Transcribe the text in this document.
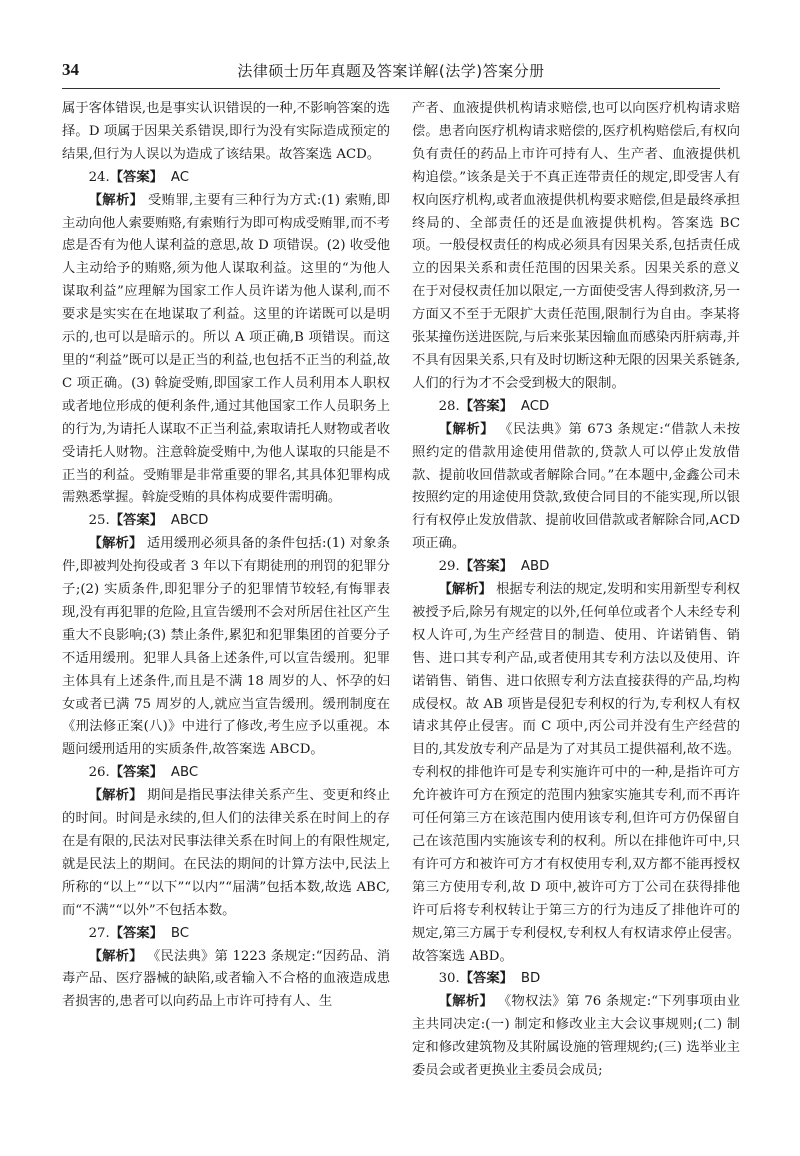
34	法律硕士历年真题及答案详解(法学)答案分册

属于客体错误,也是事实认识错误的一种,不影响答案的选择。D 项属于因果关系错误,即行为没有实际造成预定的结果,但行为人误以为造成了该结果。故答案选 ACD。

24.【答案】 AC

【解析】 受贿罪,主要有三种行为方式:(1) 索贿,即主动向他人索要贿赂,有索贿行为即可构成受贿罪,而不考虑是否有为他人谋利益的意思,故 D 项错误。(2) 收受他人主动给予的贿赂,须为他人谋取利益。这里的“为他人谋取利益”应理解为国家工作人员许诺为他人谋利,而不要求是实实在在地谋取了利益。这里的许诺既可以是明示的,也可以是暗示的。所以 A 项正确,B 项错误。而这里的“利益”既可以是正当的利益,也包括不正当的利益,故 C 项正确。(3) 斡旋受贿,即国家工作人员利用本人职权或者地位形成的便利条件,通过其他国家工作人员职务上的行为,为请托人谋取不正当利益,索取请托人财物或者收受请托人财物。注意斡旋受贿中,为他人谋取的只能是不正当的利益。受贿罪是非常重要的罪名,其具体犯罪构成需熟悉掌握。斡旋受贿的具体构成要件需明确。

25.【答案】 ABCD

【解析】 适用缓刑必须具备的条件包括:(1) 对象条件,即被判处拘役或者 3 年以下有期徒刑的刑罚的犯罪分子;(2) 实质条件,即犯罪分子的犯罪情节较轻,有悔罪表现,没有再犯罪的危险,且宣告缓刑不会对所居住社区产生重大不良影响;(3) 禁止条件,累犯和犯罪集团的首要分子不适用缓刑。犯罪人具备上述条件,可以宣告缓刑。犯罪主体具有上述条件,而且是不满 18 周岁的人、怀孕的妇女或者已满 75 周岁的人,就应当宣告缓刑。缓刑制度在《刑法修正案(八)》中进行了修改,考生应予以重视。本题问缓刑适用的实质条件,故答案选 ABCD。

26.【答案】 ABC

【解析】 期间是指民事法律关系产生、变更和终止的时间。时间是永续的,但人们的法律关系在时间上的存在是有限的,民法对民事法律关系在时间上的有限性规定,就是民法上的期间。在民法的期间的计算方法中,民法上所称的“以上”“以下”“以内”“届满”包括本数,故选 ABC,而“不满”“以外”不包括本数。

27.【答案】 BC

【解析】 《民法典》第 1223 条规定:“因药品、消毒产品、医疗器械的缺陷,或者输入不合格的血液造成患者损害的,患者可以向药品上市许可持有人、生

产者、血液提供机构请求赔偿,也可以向医疗机构请求赔偿。患者向医疗机构请求赔偿的,医疗机构赔偿后,有权向负有责任的药品上市许可持有人、生产者、血液提供机构追偿。”该条是关于不真正连带责任的规定,即受害人有权向医疗机构,或者血液提供机构要求赔偿,但是最终承担终局的、全部责任的还是血液提供机构。答案选 BC 项。一般侵权责任的构成必须具有因果关系,包括责任成立的因果关系和责任范围的因果关系。因果关系的意义在于对侵权责任加以限定,一方面使受害人得到救济,另一方面又不至于无限扩大责任范围,限制行为自由。李某将张某撞伤送进医院,与后来张某因输血而感染丙肝病毒,并不具有因果关系,只有及时切断这种无限的因果关系链条,人们的行为才不会受到极大的限制。

28.【答案】 ACD

【解析】 《民法典》第 673 条规定:“借款人未按照约定的借款用途使用借款的,贷款人可以停止发放借款、提前收回借款或者解除合同。”在本题中,金鑫公司未按照约定的用途使用贷款,致使合同目的不能实现,所以银行有权停止发放借款、提前收回借款或者解除合同,ACD 项正确。

29.【答案】 ABD

【解析】 根据专利法的规定,发明和实用新型专利权被授予后,除另有规定的以外,任何单位或者个人未经专利权人许可,为生产经营目的制造、使用、许诺销售、销售、进口其专利产品,或者使用其专利方法以及使用、许诺销售、销售、进口依照专利方法直接获得的产品,均构成侵权。故 AB 项皆是侵犯专利权的行为,专利权人有权请求其停止侵害。而 C 项中,丙公司并没有生产经营的目的,其发放专利产品是为了对其员工提供福利,故不选。专利权的排他许可是专利实施许可中的一种,是指许可方允许被许可方在预定的范围内独家实施其专利,而不再许可任何第三方在该范围内使用该专利,但许可方仍保留自己在该范围内实施该专利的权利。所以在排他许可中,只有许可方和被许可方才有权使用专利,双方都不能再授权第三方使用专利,故 D 项中,被许可方丁公司在获得排他许可后将专利权转让于第三方的行为违反了排他许可的规定,第三方属于专利侵权,专利权人有权请求停止侵害。故答案选 ABD。

30.【答案】 BD

【解析】 《物权法》第 76 条规定:“下列事项由业主共同决定:(一) 制定和修改业主大会议事规则;(二) 制定和修改建筑物及其附属设施的管理规约;(三) 选举业主委员会或者更换业主委员会成员;
